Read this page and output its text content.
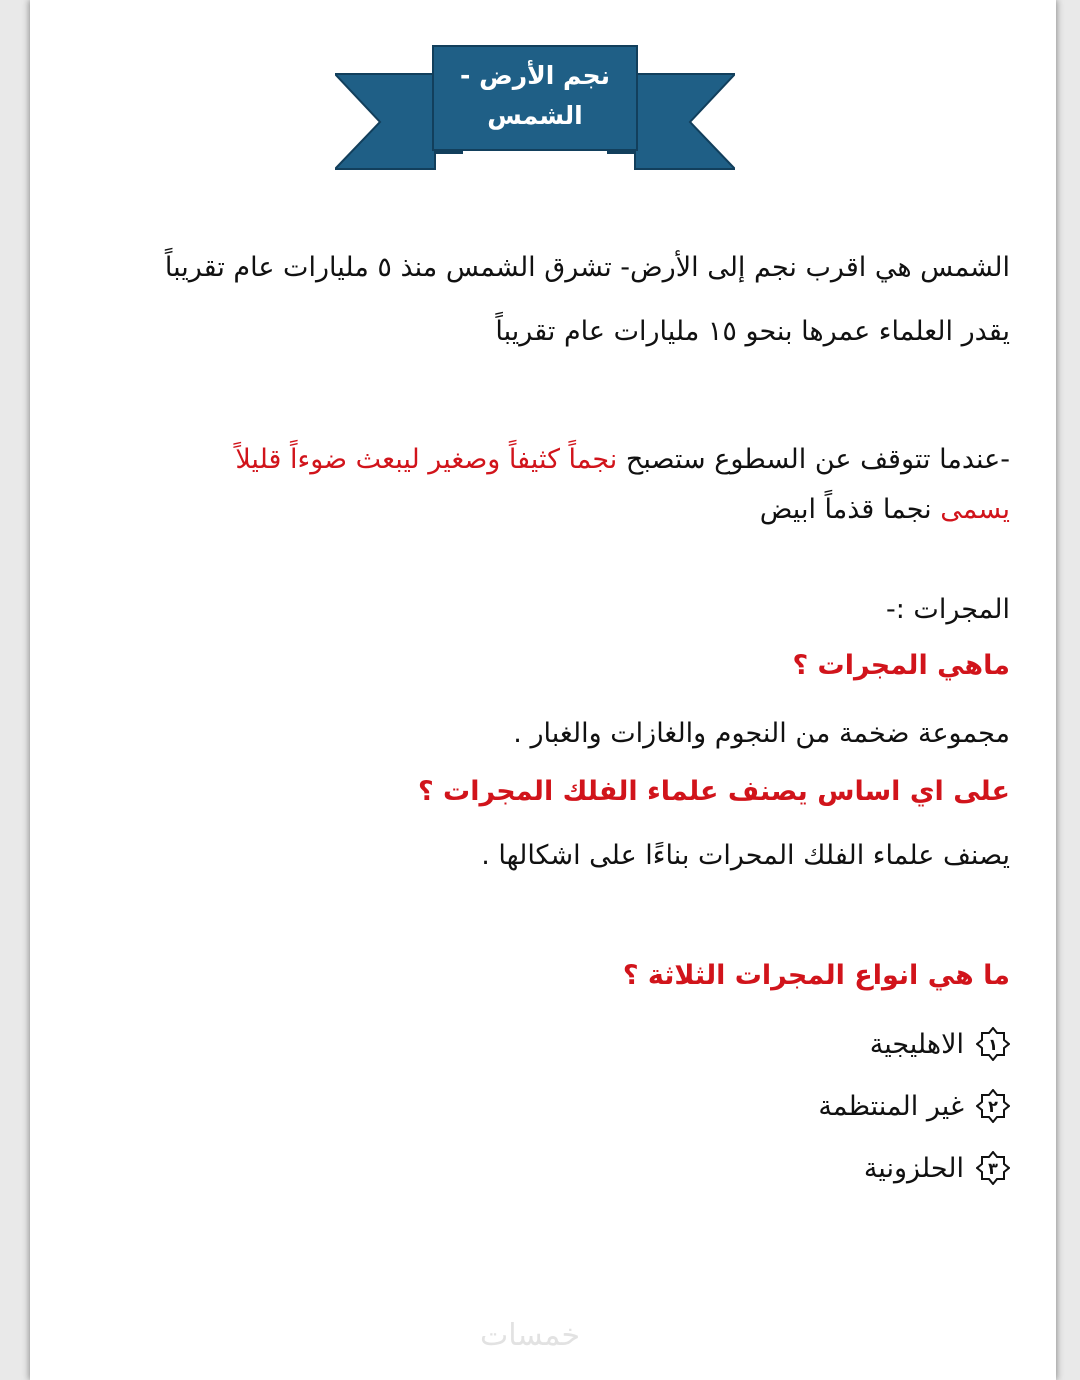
نجم الأرض - الشمس
الشمس هي اقرب نجم إلى الأرض- تشرق الشمس منذ ٥ مليارات عام تقريباً
يقدر العلماء عمرها بنحو ١٥ مليارات عام تقريباً
-عندما تتوقف عن السطوع ستصبح نجماً كثيفاً وصغير ليبعث ضوءاً قليلاً
يسمى نجما قذماً ابيض
المجرات :-
ماهي المجرات ؟
مجموعة ضخمة من النجوم والغازات والغبار .
على اي اساس يصنف علماء الفلك المجرات ؟
يصنف علماء الفلك المحرات بناءًا على اشكالها .
ما هي انواع المجرات الثلاثة ؟
١
الاهليجية
٢
غير المنتظمة
٣
الحلزونية
خمسات
